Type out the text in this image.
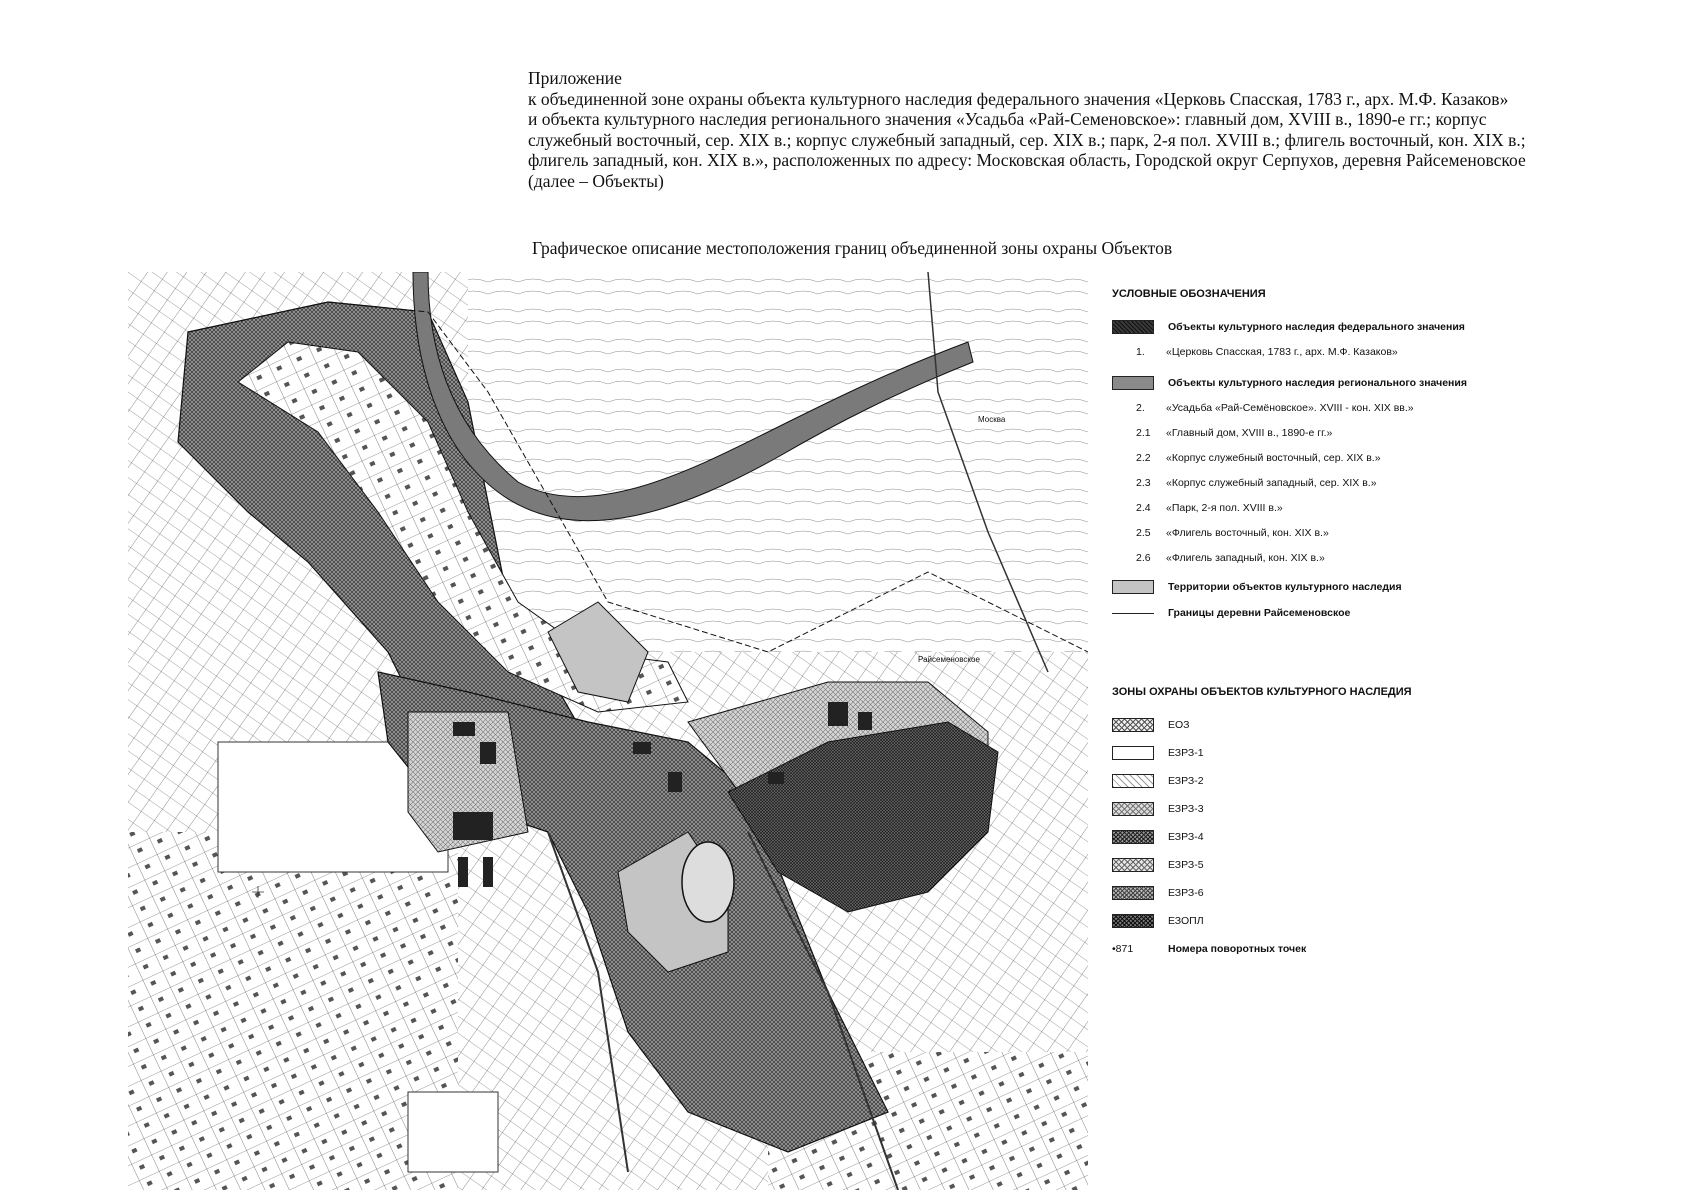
Приложение

к объединенной зоне охраны объекта культурного наследия федерального значения «Церковь Спасская, 1783 г., арх. М.Ф. Казаков»

и объекта культурного наследия регионального значения «Усадьба «Рай-Семеновское»: главный дом, XVIII в., 1890-е гг.; корпус

служебный восточный, сер. XIX в.; корпус служебный западный, сер. XIX в.; парк, 2-я пол. XVIII в.; флигель восточный, кон. XIX в.;

флигель западный, кон. XIX в.», расположенных по адресу: Московская область, Городской округ Серпухов, деревня Райсеменовское

(далее – Объекты)

Графическое описание местоположения границ объединенной зоны охраны Объектов
Райсеменовское
Москва
УСЛОВНЫЕ ОБОЗНАЧЕНИЯ
Объекты культурного наследия федерального значения
1. «Церковь Спасская, 1783 г., арх. М.Ф. Казаков»
Объекты культурного наследия регионального значения
2. «Усадьба «Рай-Семёновское». XVIII - кон. XIX вв.»
2.1 «Главный дом, XVIII в., 1890-е гг.»
2.2 «Корпус служебный восточный, сер. XIX в.»
2.3 «Корпус служебный западный, сер. XIX в.»
2.4 «Парк, 2-я пол. XVIII в.»
2.5 «Флигель восточный, кон. XIX в.»
2.6 «Флигель западный, кон. XIX в.»
Территории объектов культурного наследия
Границы деревни Райсеменовское
ЗОНЫ ОХРАНЫ ОБЪЕКТОВ КУЛЬТУРНОГО НАСЛЕДИЯ
ЕОЗ
ЕЗРЗ-1
ЕЗРЗ-2
ЕЗРЗ-3
ЕЗРЗ-4
ЕЗРЗ-5
ЕЗРЗ-6
ЕЗОПЛ
•871	Номера поворотных точек
